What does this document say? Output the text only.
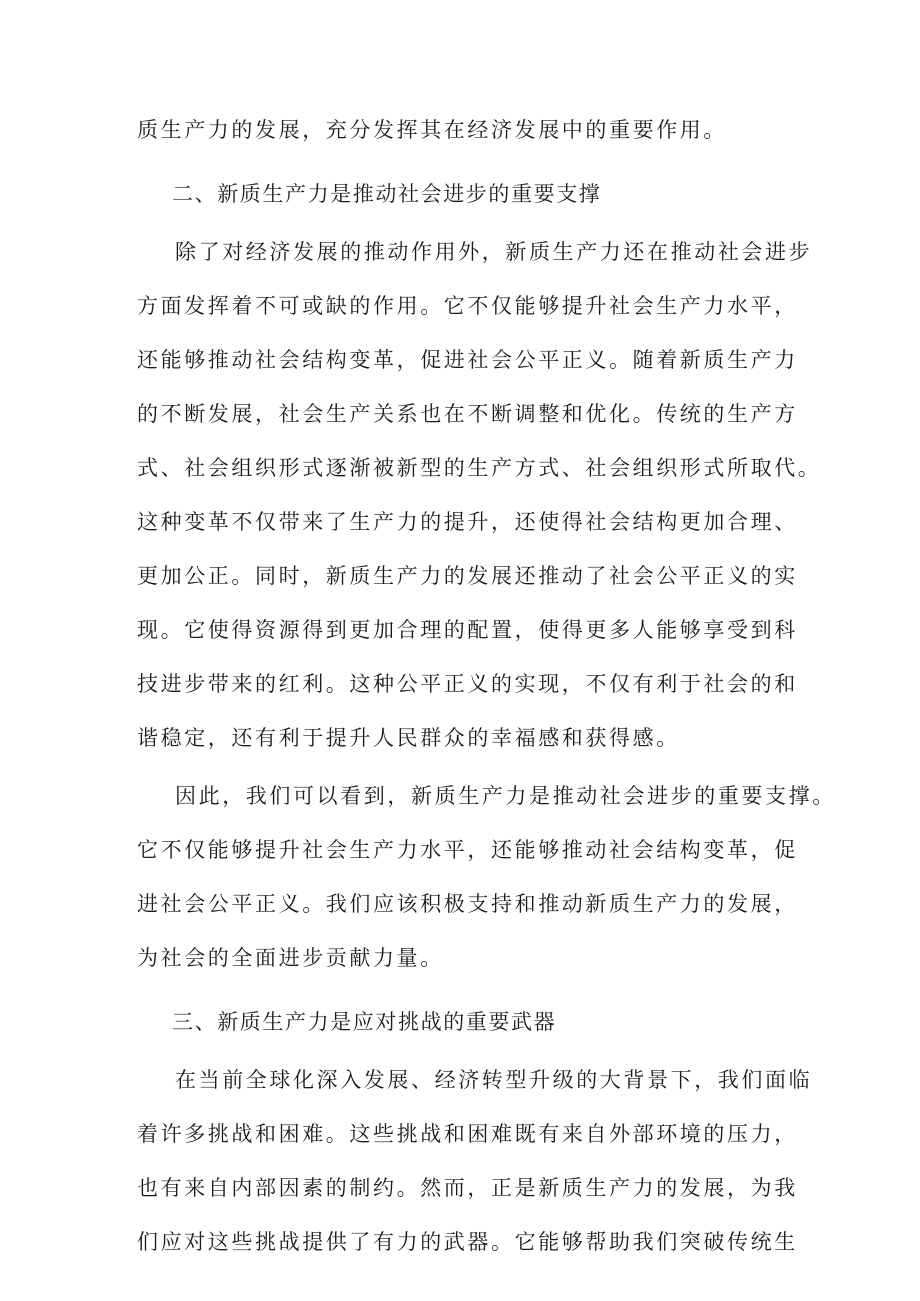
质生产力的发展，充分发挥其在经济发展中的重要作用。
二、新质生产力是推动社会进步的重要支撑
除了对经济发展的推动作用外，新质生产力还在推动社会进步
方面发挥着不可或缺的作用。它不仅能够提升社会生产力水平，
还能够推动社会结构变革，促进社会公平正义。随着新质生产力
的不断发展，社会生产关系也在不断调整和优化。传统的生产方
式、社会组织形式逐渐被新型的生产方式、社会组织形式所取代。
这种变革不仅带来了生产力的提升，还使得社会结构更加合理、
更加公正。同时，新质生产力的发展还推动了社会公平正义的实
现。它使得资源得到更加合理的配置，使得更多人能够享受到科
技进步带来的红利。这种公平正义的实现，不仅有利于社会的和
谐稳定，还有利于提升人民群众的幸福感和获得感。
因此，我们可以看到，新质生产力是推动社会进步的重要支撑。
它不仅能够提升社会生产力水平，还能够推动社会结构变革，促
进社会公平正义。我们应该积极支持和推动新质生产力的发展，
为社会的全面进步贡献力量。
三、新质生产力是应对挑战的重要武器
在当前全球化深入发展、经济转型升级的大背景下，我们面临
着许多挑战和困难。这些挑战和困难既有来自外部环境的压力，
也有来自内部因素的制约。然而，正是新质生产力的发展，为我
们应对这些挑战提供了有力的武器。它能够帮助我们突破传统生
